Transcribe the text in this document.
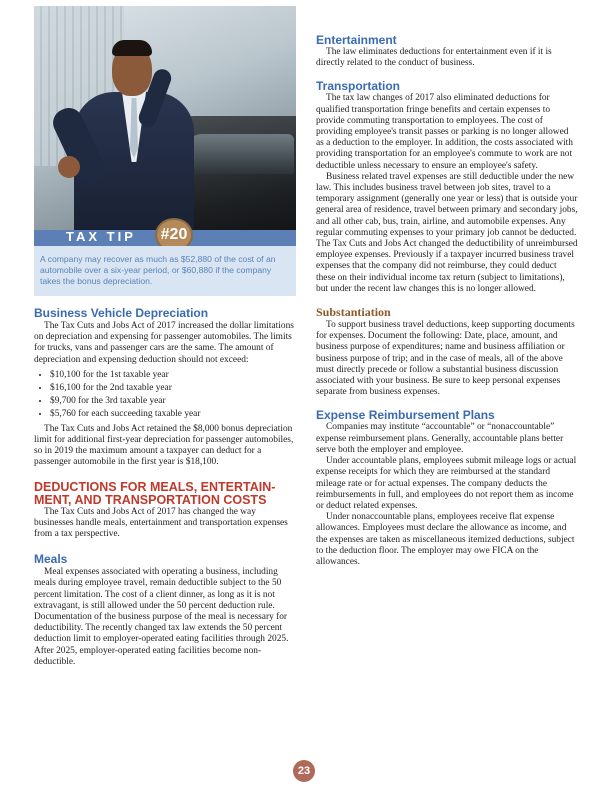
TAX TIP	#20

A company may recover as much as $52,880 of the cost of an automobile over a six-year period, or $60,880 if the company takes the bonus depreciation.

Business Vehicle Depreciation

The Tax Cuts and Jobs Act of 2017 increased the dollar limitations on depreciation and expensing for passenger automobiles. The limits for trucks, vans and passenger cars are the same. The amount of depreciation and expensing deduction should not exceed:

• $10,100 for the 1st taxable year
• $16,100 for the 2nd taxable year
• $9,700 for the 3rd taxable year
• $5,760 for each succeeding taxable year

The Tax Cuts and Jobs Act retained the $8,000 bonus depreciation limit for additional first-year depreciation for passenger automobiles, so in 2019 the maximum amount a taxpayer can deduct for a passenger automobile in the first year is $18,100.

DEDUCTIONS FOR MEALS, ENTERTAIN-
MENT, AND TRANSPORTATION COSTS

The Tax Cuts and Jobs Act of 2017 has changed the way businesses handle meals, entertainment and transportation expenses from a tax perspective.

Meals

Meal expenses associated with operating a business, including meals during employee travel, remain deductible subject to the 50 percent limitation. The cost of a client dinner, as long as it is not extravagant, is still allowed under the 50 percent deduction rule. Documentation of the business purpose of the meal is necessary for deductibility. The recently changed tax law extends the 50 percent deduction limit to employer-operated eating facilities through 2025. After 2025, employer-operated eating facilities become non-deductible.

Entertainment

The law eliminates deductions for entertainment even if it is directly related to the conduct of business.

Transportation

The tax law changes of 2017 also eliminated deductions for qualified transportation fringe benefits and certain expenses to provide commuting transportation to employees. The cost of providing employee's transit passes or parking is no longer allowed as a deduction to the employer. In addition, the costs associated with providing transportation for an employee's commute to work are not deductible unless necessary to ensure an employee's safety.

Business related travel expenses are still deductible under the new law. This includes business travel between job sites, travel to a temporary assignment (generally one year or less) that is outside your general area of residence, travel between primary and secondary jobs, and all other cab, bus, train, airline, and automobile expenses. Any regular commuting expenses to your primary job cannot be deducted. The Tax Cuts and Jobs Act changed the deductibility of unreimbursed employee expenses. Previously if a taxpayer incurred business travel expenses that the company did not reimburse, they could deduct these on their individual income tax return (subject to limitations), but under the recent law changes this is no longer allowed.

Substantiation

To support business travel deductions, keep supporting documents for expenses. Document the following: Date, place, amount, and business purpose of expenditures; name and business affiliation or business purpose of trip; and in the case of meals, all of the above must directly precede or follow a substantial business discussion associated with your business. Be sure to keep personal expenses separate from business expenses.

Expense Reimbursement Plans

Companies may institute “accountable” or “nonaccountable” expense reimbursement plans. Generally, accountable plans better serve both the employer and employee.

Under accountable plans, employees submit mileage logs or actual expense receipts for which they are reimbursed at the standard mileage rate or for actual expenses. The company deducts the reimbursements in full, and employees do not report them as income or deduct related expenses.

Under nonaccountable plans, employees receive flat expense allowances. Employees must declare the allowance as income, and the expenses are taken as miscellaneous itemized deductions, subject to the deduction floor. The employer may owe FICA on the allowances.

23
